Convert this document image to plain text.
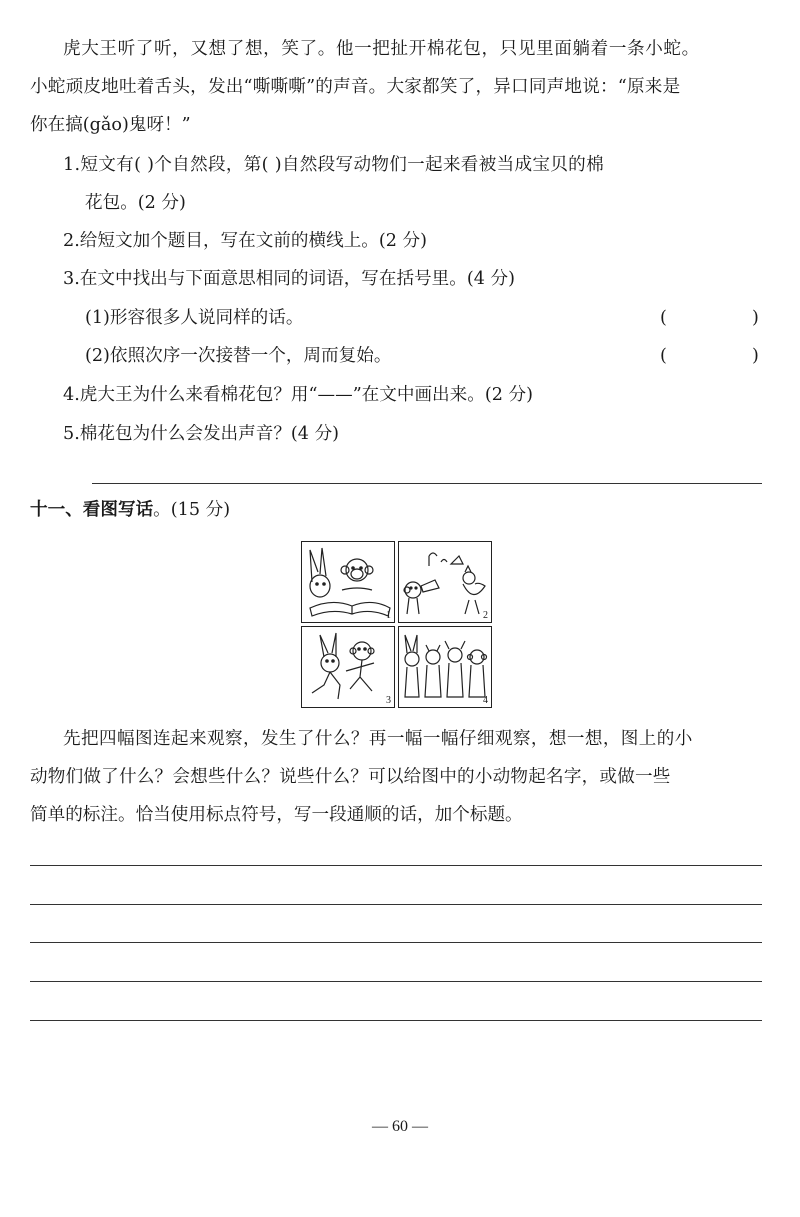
虎大王听了听，又想了想，笑了。他一把扯开棉花包，只见里面躺着一条小蛇。
小蛇顽皮地吐着舌头，发出“嘶嘶嘶”的声音。大家都笑了，异口同声地说：“原来是
你在搞(gǎo)鬼呀！”
1.短文有( )个自然段，第( )自然段写动物们一起来看被当成宝贝的棉
花包。(2 分)
2.给短文加个题目，写在文前的横线上。(2 分)
3.在文中找出与下面意思相同的词语，写在括号里。(4 分)
(1)形容很多人说同样的话。	(	)
(2)依照次序一次接替一个，周而复始。	(	)
4.虎大王为什么来看棉花包？用“——”在文中画出来。(2 分)
5.棉花包为什么会发出声音？(4 分)
十一、看图写话。(15 分)
1	2
3	4
先把四幅图连起来观察，发生了什么？再一幅一幅仔细观察，想一想，图上的小
动物们做了什么？会想些什么？说些什么？可以给图中的小动物起名字，或做一些
简单的标注。恰当使用标点符号，写一段通顺的话，加个标题。
— 60 —
